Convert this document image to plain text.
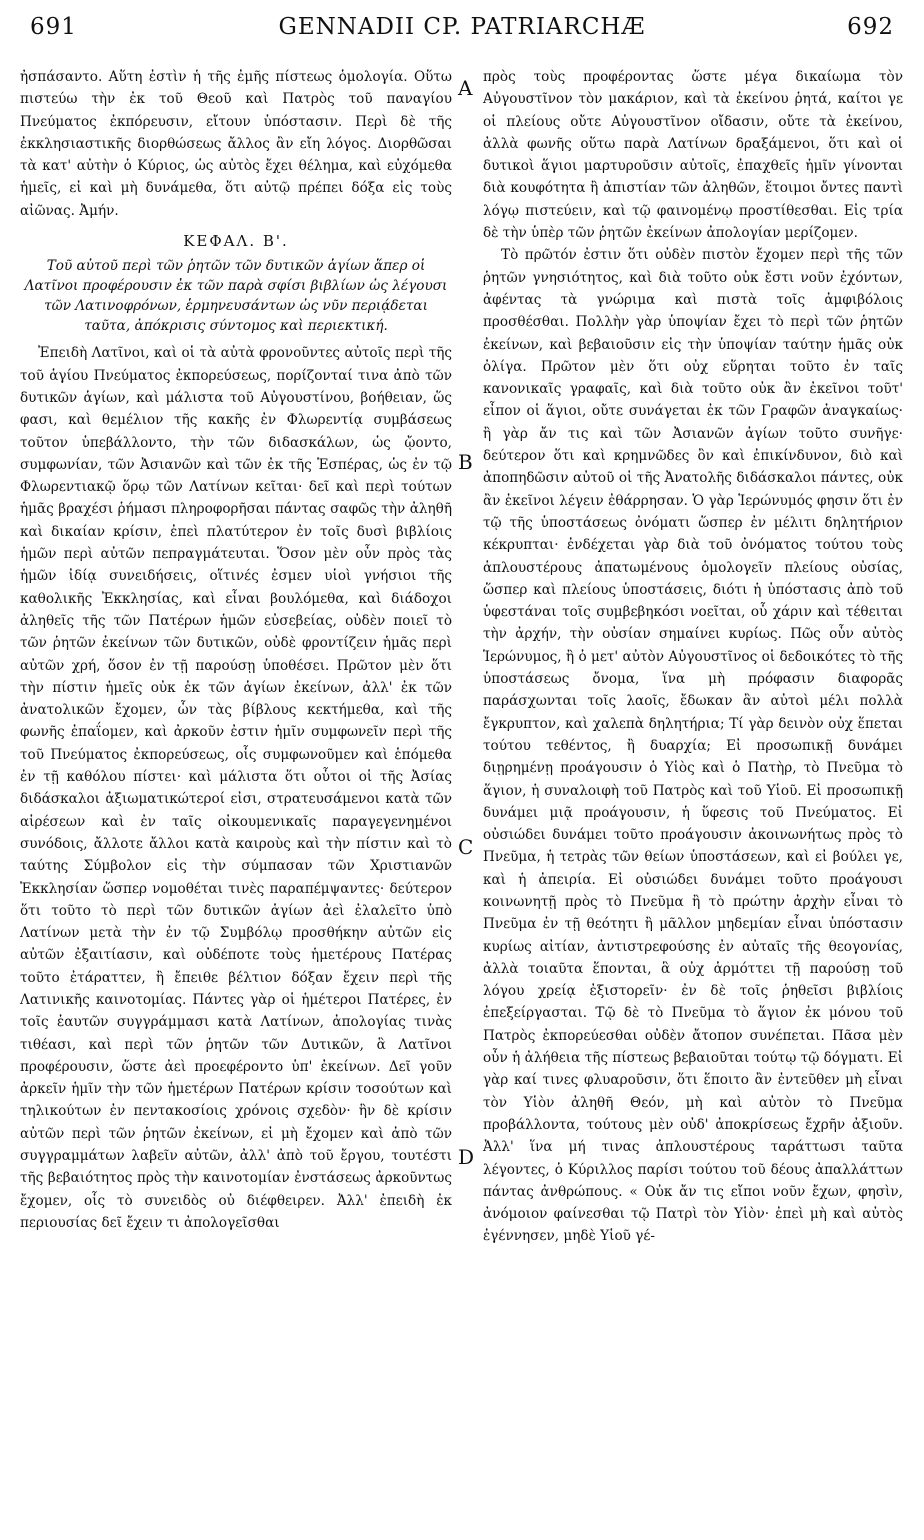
691	GENNADII CP. PATRIARCHÆ	692

ἠσπάσαντο. Αὕτη ἐστὶν ἡ τῆς ἐμῆς πίστεως ὁμολογία. Οὕτω πιστεύω τὴν ἐκ τοῦ Θεοῦ καὶ Πατρὸς τοῦ παναγίου Πνεύματος ἐκπόρευσιν, εἴτουν ὑπόστασιν. Περὶ δὲ τῆς ἐκκλησιαστικῆς διορθώσεως ἄλλος ἂν εἴη λόγος. Διορθῶσαι τὰ κατ' αὐτὴν ὁ Κύριος, ὡς αὐτὸς ἔχει θέλημα, καὶ εὐχόμεθα ἡμεῖς, εἰ καὶ μὴ δυνάμεθα, ὅτι αὐτῷ πρέπει δόξα εἰς τοὺς αἰῶνας. Ἀμήν.

ΚΕΦΑΛ. Β'.
Τοῦ αὐτοῦ περὶ τῶν ῥητῶν τῶν δυτικῶν ἁγίων ἅπερ οἱ Λατῖνοι προφέρουσιν ἐκ τῶν παρὰ σφίσι βιβλίων ὡς λέγουσι τῶν Λατινοφρόνων, ἑρμηνευσάντων ὡς νῦν περιᾴδεται ταῦτα, ἀπόκρισις σύντομος καὶ περιεκτική.

Ἐπειδὴ Λατῖνοι, καὶ οἱ τὰ αὐτὰ φρονοῦντες αὐτοῖς περὶ τῆς τοῦ ἁγίου Πνεύματος ἐκπορεύσεως, πορίζονταί τινα ἀπὸ τῶν δυτικῶν ἁγίων, καὶ μάλιστα τοῦ Αὐγουστίνου, βοήθειαν, ὥς φασι, καὶ θεμέλιον τῆς κακῆς ἐν Φλωρεντίᾳ συμβάσεως τοῦτον ὑπεβάλλοντο, τὴν τῶν διδασκάλων, ὡς ᾤοντο, συμφωνίαν, τῶν Ἀσιανῶν καὶ τῶν ἐκ τῆς Ἑσπέρας, ὡς ἐν τῷ Φλωρεντιακῷ ὅρῳ τῶν Λατίνων κεῖται· δεῖ καὶ περὶ τούτων ἡμᾶς βραχέσι ῥήμασι πληροφορῆσαι πάντας σαφῶς τὴν ἀληθῆ καὶ δικαίαν κρίσιν, ἐπεὶ πλατύτερον ἐν τοῖς δυσὶ βιβλίοις ἡμῶν περὶ αὐτῶν πεπραγμάτευται. Ὅσον μὲν οὖν πρὸς τὰς ἡμῶν ἰδίᾳ συνειδήσεις, οἵτινές ἐσμεν υἱοὶ γνήσιοι τῆς καθολικῆς Ἐκκλησίας, καὶ εἶναι βουλόμεθα, καὶ διάδοχοι ἀληθεῖς τῆς τῶν Πατέρων ἡμῶν εὐσεβείας, οὐδὲν ποιεῖ τὸ τῶν ῥητῶν ἐκείνων τῶν δυτικῶν, οὐδὲ φροντίζειν ἡμᾶς περὶ αὐτῶν χρή, ὅσον ἐν τῇ παρούσῃ ὑποθέσει. Πρῶτον μὲν ὅτι τὴν πίστιν ἡμεῖς οὐκ ἐκ τῶν ἁγίων ἐκείνων, ἀλλ' ἐκ τῶν ἀνατολικῶν ἔχομεν, ὧν τὰς βίβλους κεκτήμεθα, καὶ τῆς φωνῆς ἐπαΐομεν, καὶ ἀρκοῦν ἐστιν ἡμῖν συμφωνεῖν περὶ τῆς τοῦ Πνεύματος ἐκπορεύσεως, οἷς συμφωνοῦμεν καὶ ἑπόμεθα ἐν τῇ καθόλου πίστει· καὶ μάλιστα ὅτι οὗτοι οἱ τῆς Ἀσίας διδάσκαλοι ἀξιωματικώτεροί εἰσι, στρατευσάμενοι κατὰ τῶν αἱρέσεων καὶ ἐν ταῖς οἰκουμενικαῖς παραγεγενημένοι συνόδοις, ἄλλοτε ἄλλοι κατὰ καιροὺς καὶ τὴν πίστιν καὶ τὸ ταύτης Σύμβολον εἰς τὴν σύμπασαν τῶν Χριστιανῶν Ἐκκλησίαν ὥσπερ νομοθέται τινὲς παραπέμψαντες· δεύτερον ὅτι τοῦτο τὸ περὶ τῶν δυτικῶν ἁγίων ἀεὶ ἐλαλεῖτο ὑπὸ Λατίνων μετὰ τὴν ἐν τῷ Συμβόλῳ προσθήκην αὐτῶν εἰς αὐτῶν ἐξαιτίασιν, καὶ οὐδέποτε τοὺς ἡμετέρους Πατέρας τοῦτο ἐτάραττεν, ἢ ἔπειθε βέλτιον δόξαν ἔχειν περὶ τῆς Λατινικῆς καινοτομίας. Πάντες γὰρ οἱ ἡμέτεροι Πατέρες, ἐν τοῖς ἑαυτῶν συγγράμμασι κατὰ Λατίνων, ἀπολογίας τινὰς τιθέασι, καὶ περὶ τῶν ῥητῶν τῶν Δυτικῶν, ἃ Λατῖνοι προφέρουσιν, ὥστε ἀεὶ προεφέροντο ὑπ' ἐκείνων. Δεῖ γοῦν ἀρκεῖν ἡμῖν τὴν τῶν ἡμετέρων Πατέρων κρίσιν τοσούτων καὶ τηλικούτων ἐν πεντακοσίοις χρόνοις σχεδὸν· ἣν δὲ κρίσιν αὐτῶν περὶ τῶν ῥητῶν ἐκείνων, εἰ μὴ ἔχομεν καὶ ἀπὸ τῶν συγγραμμάτων λαβεῖν αὐτῶν, ἀλλ' ἀπὸ τοῦ ἔργου, τουτέστι τῆς βεβαιότητος πρὸς τὴν καινοτομίαν ἐνστάσεως ἀρκοῦντως ἔχομεν, οἷς τὸ συνειδὸς οὐ διέφθειρεν. Ἀλλ' ἐπειδὴ ἐκ περιουσίας δεῖ ἔχειν τι ἀπολογεῖσθαι

A
B
C
D

πρὸς τοὺς προφέροντας ὥστε μέγα δικαίωμα τὸν Αὐγουστῖνον τὸν μακάριον, καὶ τὰ ἐκείνου ῥητά, καίτοι γε οἱ πλείους οὔτε Αὐγουστῖνον οἴδασιν, οὔτε τὰ ἐκείνου, ἀλλὰ φωνῆς οὕτω παρὰ Λατίνων δραξάμενοι, ὅτι καὶ οἱ δυτικοὶ ἅγιοι μαρτυροῦσιν αὐτοῖς, ἐπαχθεῖς ἡμῖν γίνονται διὰ κουφότητα ἢ ἀπιστίαν τῶν ἀληθῶν, ἕτοιμοι ὄντες παντὶ λόγῳ πιστεύειν, καὶ τῷ φαινομένῳ προστίθεσθαι. Εἰς τρία δὲ τὴν ὑπὲρ τῶν ῥητῶν ἐκείνων ἀπολογίαν μερίζομεν.

Τὸ πρῶτόν ἐστιν ὅτι οὐδὲν πιστὸν ἔχομεν περὶ τῆς τῶν ῥητῶν γνησιότητος, καὶ διὰ τοῦτο οὐκ ἔστι νοῦν ἐχόντων, ἀφέντας τὰ γνώριμα καὶ πιστὰ τοῖς ἀμφιβόλοις προσθέσθαι. Πολλὴν γὰρ ὑποψίαν ἔχει τὸ περὶ τῶν ῥητῶν ἐκείνων, καὶ βεβαιοῦσιν εἰς τὴν ὑποψίαν ταύτην ἡμᾶς οὐκ ὀλίγα. Πρῶτον μὲν ὅτι οὐχ εὕρηται τοῦτο ἐν ταῖς κανονικαῖς γραφαῖς, καὶ διὰ τοῦτο οὐκ ἂν ἐκεῖνοι τοῦτ' εἶπον οἱ ἅγιοι, οὔτε συνάγεται ἐκ τῶν Γραφῶν ἀναγκαίως· ἢ γὰρ ἄν τις καὶ τῶν Ἀσιανῶν ἁγίων τοῦτο συνῆγε· δεύτερον ὅτι καὶ κρημνῶδες ὂν καὶ ἐπικίνδυνον, διὸ καὶ ἀποπηδῶσιν αὐτοῦ οἱ τῆς Ἀνατολῆς διδάσκαλοι πάντες, οὐκ ἂν ἐκεῖνοι λέγειν ἐθάρρησαν. Ὁ γὰρ Ἱερώνυμός φησιν ὅτι ἐν τῷ τῆς ὑποστάσεως ὀνόματι ὥσπερ ἐν μέλιτι δηλητήριον κέκρυπται· ἐνδέχεται γὰρ διὰ τοῦ ὀνόματος τούτου τοὺς ἁπλουστέρους ἀπατωμένους ὁμολογεῖν πλείους οὐσίας, ὥσπερ καὶ πλείους ὑποστάσεις, διότι ἡ ὑπόστασις ἀπὸ τοῦ ὑφεστάναι τοῖς συμβεβηκόσι νοεῖται, οὗ χάριν καὶ τέθειται τὴν ἀρχήν, τὴν οὐσίαν σημαίνει κυρίως. Πῶς οὖν αὐτὸς Ἱερώνυμος, ἢ ὁ μετ' αὐτὸν Αὐγουστῖνος οἱ δεδοικότες τὸ τῆς ὑποστάσεως ὄνομα, ἵνα μὴ πρόφασιν διαφορᾶς παράσχωνται τοῖς λαοῖς, ἔδωκαν ἂν αὐτοὶ μέλι πολλὰ ἔγκρυπτον, καὶ χαλεπὰ δηλητήρια; Τί γὰρ δεινὸν οὐχ ἕπεται τούτου τεθέντος, ἢ δυαρχία; Εἰ προσωπικῇ δυνάμει διῃρημένῃ προάγουσιν ὁ Υἱὸς καὶ ὁ Πατὴρ, τὸ Πνεῦμα τὸ ἅγιον, ἡ συναλοιφὴ τοῦ Πατρὸς καὶ τοῦ Υἱοῦ. Εἰ προσωπικῇ δυνάμει μιᾷ προάγουσιν, ἡ ὕφεσις τοῦ Πνεύματος. Εἰ οὐσιώδει δυνάμει τοῦτο προάγουσιν ἀκοινωνήτως πρὸς τὸ Πνεῦμα, ἡ τετρὰς τῶν θείων ὑποστάσεων, καὶ εἰ βούλει γε, καὶ ἡ ἀπειρία. Εἰ οὐσιώδει δυνάμει τοῦτο προάγουσι κοινωνητῇ πρὸς τὸ Πνεῦμα ἢ τὸ πρώτην ἀρχὴν εἶναι τὸ Πνεῦμα ἐν τῇ θεότητι ἢ μᾶλλον μηδεμίαν εἶναι ὑπόστασιν κυρίως αἰτίαν, ἀντιστρεφούσης ἐν αὐταῖς τῆς θεογονίας, ἀλλὰ τοιαῦτα ἕπονται, ἃ οὐχ ἁρμόττει τῇ παρούσῃ τοῦ λόγου χρείᾳ ἐξιστορεῖν· ἐν δὲ τοῖς ῥηθεῖσι βιβλίοις ἐπεξείργασται. Τῷ δὲ τὸ Πνεῦμα τὸ ἅγιον ἐκ μόνου τοῦ Πατρὸς ἐκπορεύεσθαι οὐδὲν ἄτοπον συνέπεται. Πᾶσα μὲν οὖν ἡ ἀλήθεια τῆς πίστεως βεβαιοῦται τούτῳ τῷ δόγματι. Εἰ γὰρ καί τινες φλυαροῦσιν, ὅτι ἕποιτο ἂν ἐντεῦθεν μὴ εἶναι τὸν Υἱὸν ἀληθῆ Θεόν, μὴ καὶ αὐτὸν τὸ Πνεῦμα προβάλλοντα, τούτους μὲν οὐδ' ἀποκρίσεως ἔχρῆν ἀξιοῦν. Ἀλλ' ἵνα μή τινας ἁπλουστέρους ταράττωσι ταῦτα λέγοντες, ὁ Κύριλλος παρίσι τούτου τοῦ δέους ἀπαλλάττων πάντας ἀνθρώπους. « Οὐκ ἄν τις εἴποι νοῦν ἔχων, φησὶν, ἀνόμοιον φαίνεσθαι τῷ Πατρὶ τὸν Υἱὸν· ἐπεὶ μὴ καὶ αὐτὸς ἐγέννησεν, μηδὲ Υἱοῦ γέ-
